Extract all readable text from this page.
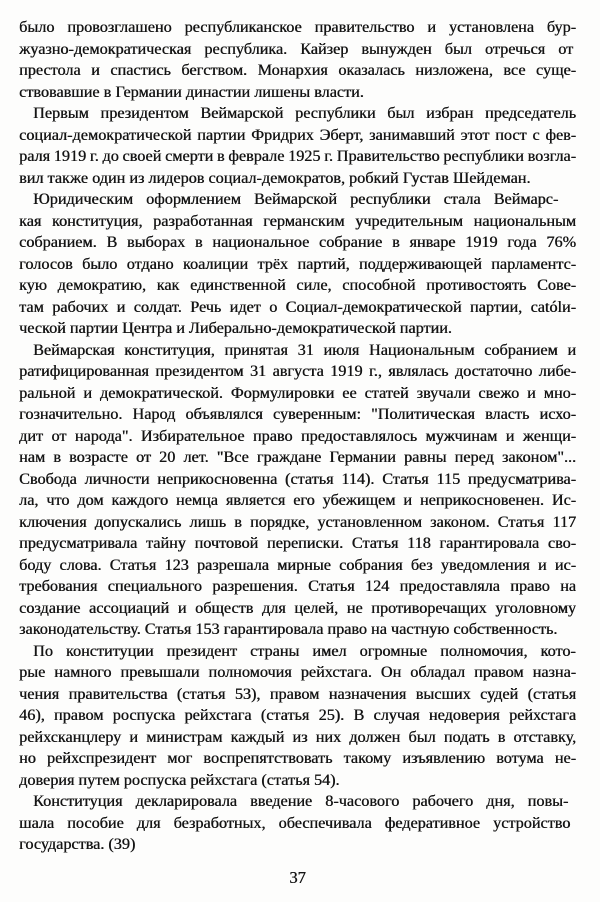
было провозглашено республиканское правительство и установлена бур-
жуазно-демократическая республика. Кайзер вынужден был отречься от
престола и спастись бегством. Монархия оказалась низложена, все суще-
ствовавшие в Германии династии лишены власти.
Первым президентом Веймарской республики был избран председатель
социал-демократической партии Фридрих Эберт, занимавший этот пост с фев-
раля 1919 г. до своей смерти в феврале 1925 г. Правительство республики возгла-
вил также один из лидеров социал-демократов, робкий Густав Шейдеман.
Юридическим оформлением Веймарской республики стала Веймарс-
кая конституция, разработанная германским учредительным национальным
собранием. В выборах в национальное собрание в январе 1919 года 76%
голосов было отдано коалиции трёх партий, поддерживающей парламентс-
кую демократию, как единственной силе, способной противостоять Сове-
там рабочих и солдат. Речь идет о Социал-демократической партии, católи-
ческой партии Центра и Либерально-демократической партии.
Веймарская конституция, принятая 31 июля Национальным собранием и
ратифицированная президентом 31 августа 1919 г., являлась достаточно либе-
ральной и демократической. Формулировки ее статей звучали свежо и мно-
гозначительно. Народ объявлялся суверенным: "Политическая власть исхо-
дит от народа". Избирательное право предоставлялось мужчинам и женщи-
нам в возрасте от 20 лет. "Все граждане Германии равны перед законом"...
Свобода личности неприкосновенна (статья 114). Статья 115 предусматрива-
ла, что дом каждого немца является его убежищем и неприкосновенен. Ис-
ключения допускались лишь в порядке, установленном законом. Статья 117
предусматривала тайну почтовой переписки. Статья 118 гарантировала сво-
боду слова. Статья 123 разрешала мирные собрания без уведомления и ис-
требования специального разрешения. Статья 124 предоставляла право на
создание ассоциаций и обществ для целей, не противоречащих уголовному
законодательству. Статья 153 гарантировала право на частную собственность.
По конституции президент страны имел огромные полномочия, кото-
рые намного превышали полномочия рейхстага. Он обладал правом назна-
чения правительства (статья 53), правом назначения высших судей (статья
46), правом роспуска рейхстага (статья 25). В случая недоверия рейхстага
рейхсканцлеру и министрам каждый из них должен был подать в отставку,
но рейхспрезидент мог воспрепятствовать такому изъявлению вотума не-
доверия путем роспуска рейхстага (статья 54).
Конституция декларировала введение 8-часового рабочего дня, повы-
шала пособие для безработных, обеспечивала федеративное устройство
государства. (39)
37
